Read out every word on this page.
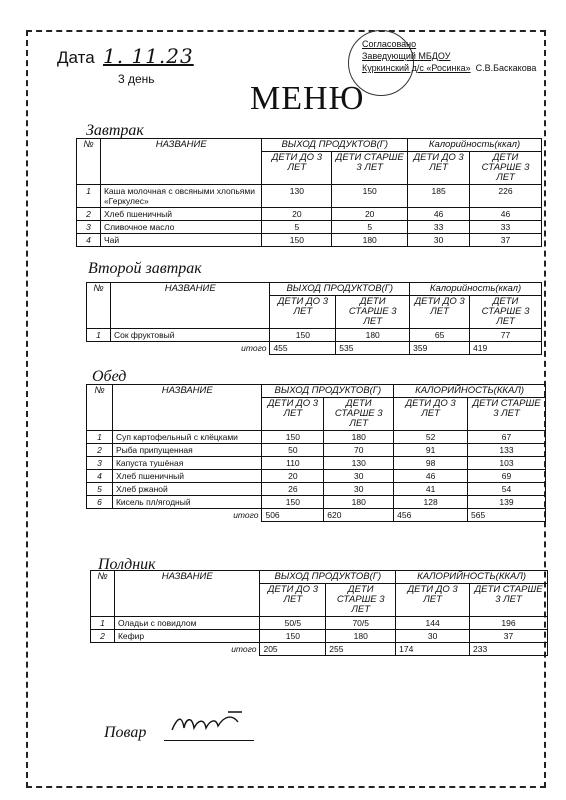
Дата 1. 11.23
3 день
Согласовано
Заведующий МБДОУ
Куркинский д/с «Росинка» С.В.Баскакова
МЕНЮ
Завтрак
№	НАЗВАНИЕ	ВЫХОД ПРОДУКТОВ(Г)		Калорийность(ккал)	
		ДЕТИ ДО 3 ЛЕТ	ДЕТИ СТАРШЕ 3 ЛЕТ	ДЕТИ ДО 3 ЛЕТ	ДЕТИ СТАРШЕ 3 ЛЕТ
1	Каша молочная с овсяными хлопьями «Геркулес»	130	150	185	226
2	Хлеб пшеничный	20	20	46	46
3	Сливочное масло	5	5	33	33
4	Чай	150	180	30	37
Второй завтрак
№	НАЗВАНИЕ	ВЫХОД ПРОДУКТОВ(Г)		Калорийность(ккал)	
		ДЕТИ ДО 3 ЛЕТ	ДЕТИ СТАРШЕ 3 ЛЕТ	ДЕТИ ДО 3 ЛЕТ	ДЕТИ СТАРШЕ 3 ЛЕТ
1	Сок фруктовый	150	180	65	77
итого		455	535	359	419
Обед
№	НАЗВАНИЕ	ВЫХОД ПРОДУКТОВ(Г)		КАЛОРИЙНОСТЬ(ККАЛ)	
		ДЕТИ ДО 3 ЛЕТ	ДЕТИ СТАРШЕ 3 ЛЕТ	ДЕТИ ДО 3 ЛЕТ	ДЕТИ СТАРШЕ 3 ЛЕТ
1	Суп картофельный с клёцками	150	180	52	67
2	Рыба припущенная	50	70	91	133
3	Капуста тушёная	110	130	98	103
4	Хлеб пшеничный	20	30	46	69
5	Хлеб ржаной	26	30	41	54
6	Кисель пл/ягодный	150	180	128	139
итого		506	620	456	565
Полдник
№	НАЗВАНИЕ	ВЫХОД ПРОДУКТОВ(Г)		КАЛОРИЙНОСТЬ(ККАЛ)	
		ДЕТИ ДО 3 ЛЕТ	ДЕТИ СТАРШЕ 3 ЛЕТ	ДЕТИ ДО 3 ЛЕТ	ДЕТИ СТАРШЕ 3 ЛЕТ
1	Оладьи с повидлом	50/5	70/5	144	196
2	Кефир	150	180	30	37
итого		205	255	174	233
Повар
